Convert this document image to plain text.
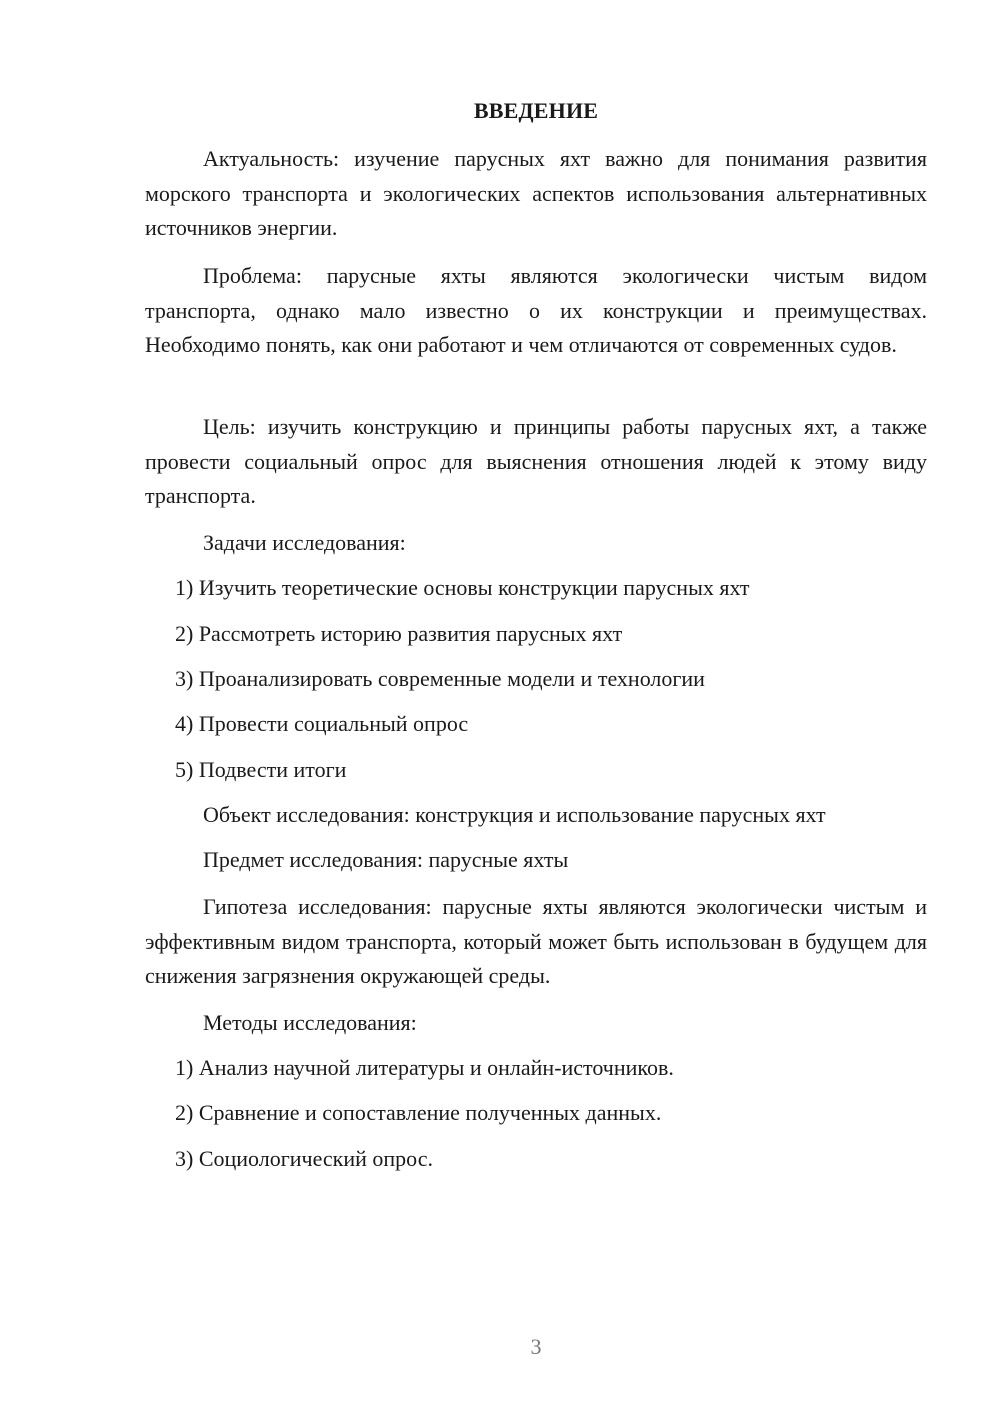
ВВЕДЕНИЕ

Актуальность: изучение парусных яхт важно для понимания развития морского транспорта и экологических аспектов использования альтернативных источников энергии.

Проблема: парусные яхты являются экологически чистым видом транспорта, однако мало известно о их конструкции и преимуществах. Необходимо понять, как они работают и чем отличаются от современных судов.

Цель: изучить конструкцию и принципы работы парусных яхт, а также провести социальный опрос для выяснения отношения людей к этому виду транспорта.

Задачи исследования:

1) Изучить теоретические основы конструкции парусных яхт

2) Рассмотреть историю развития парусных яхт

3) Проанализировать современные модели и технологии

4) Провести социальный опрос

5) Подвести итоги

Объект исследования: конструкция и использование парусных яхт

Предмет исследования: парусные яхты

Гипотеза исследования: парусные яхты являются экологически чистым и эффективным видом транспорта, который может быть использован в будущем для снижения загрязнения окружающей среды.

Методы исследования:

1) Анализ научной литературы и онлайн-источников.

2) Сравнение и сопоставление полученных данных.

3) Социологический опрос.

3
